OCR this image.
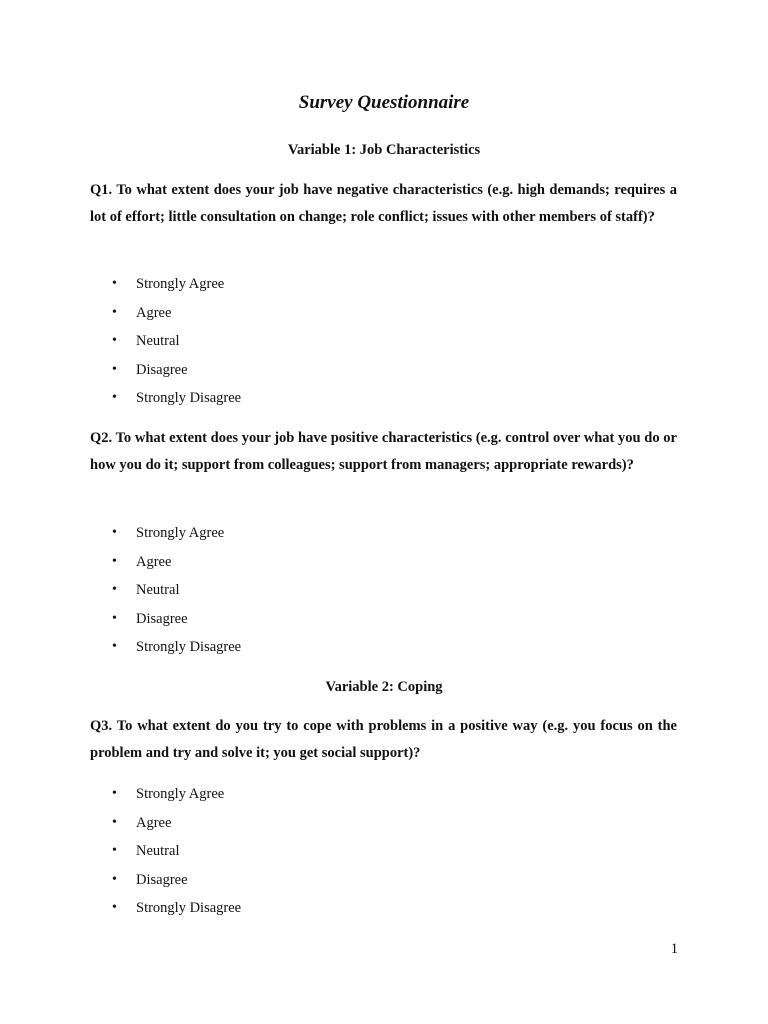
Survey Questionnaire
Variable 1: Job Characteristics
Q1. To what extent does your job have negative characteristics (e.g. high demands; requires a lot of effort; little consultation on change; role conflict; issues with other members of staff)?
• Strongly Agree
• Agree
• Neutral
• Disagree
• Strongly Disagree
Q2. To what extent does your job have positive characteristics (e.g. control over what you do or how you do it; support from colleagues; support from managers; appropriate rewards)?
• Strongly Agree
• Agree
• Neutral
• Disagree
• Strongly Disagree
Variable 2: Coping
Q3. To what extent do you try to cope with problems in a positive way (e.g. you focus on the problem and try and solve it; you get social support)?
• Strongly Agree
• Agree
• Neutral
• Disagree
• Strongly Disagree
1
